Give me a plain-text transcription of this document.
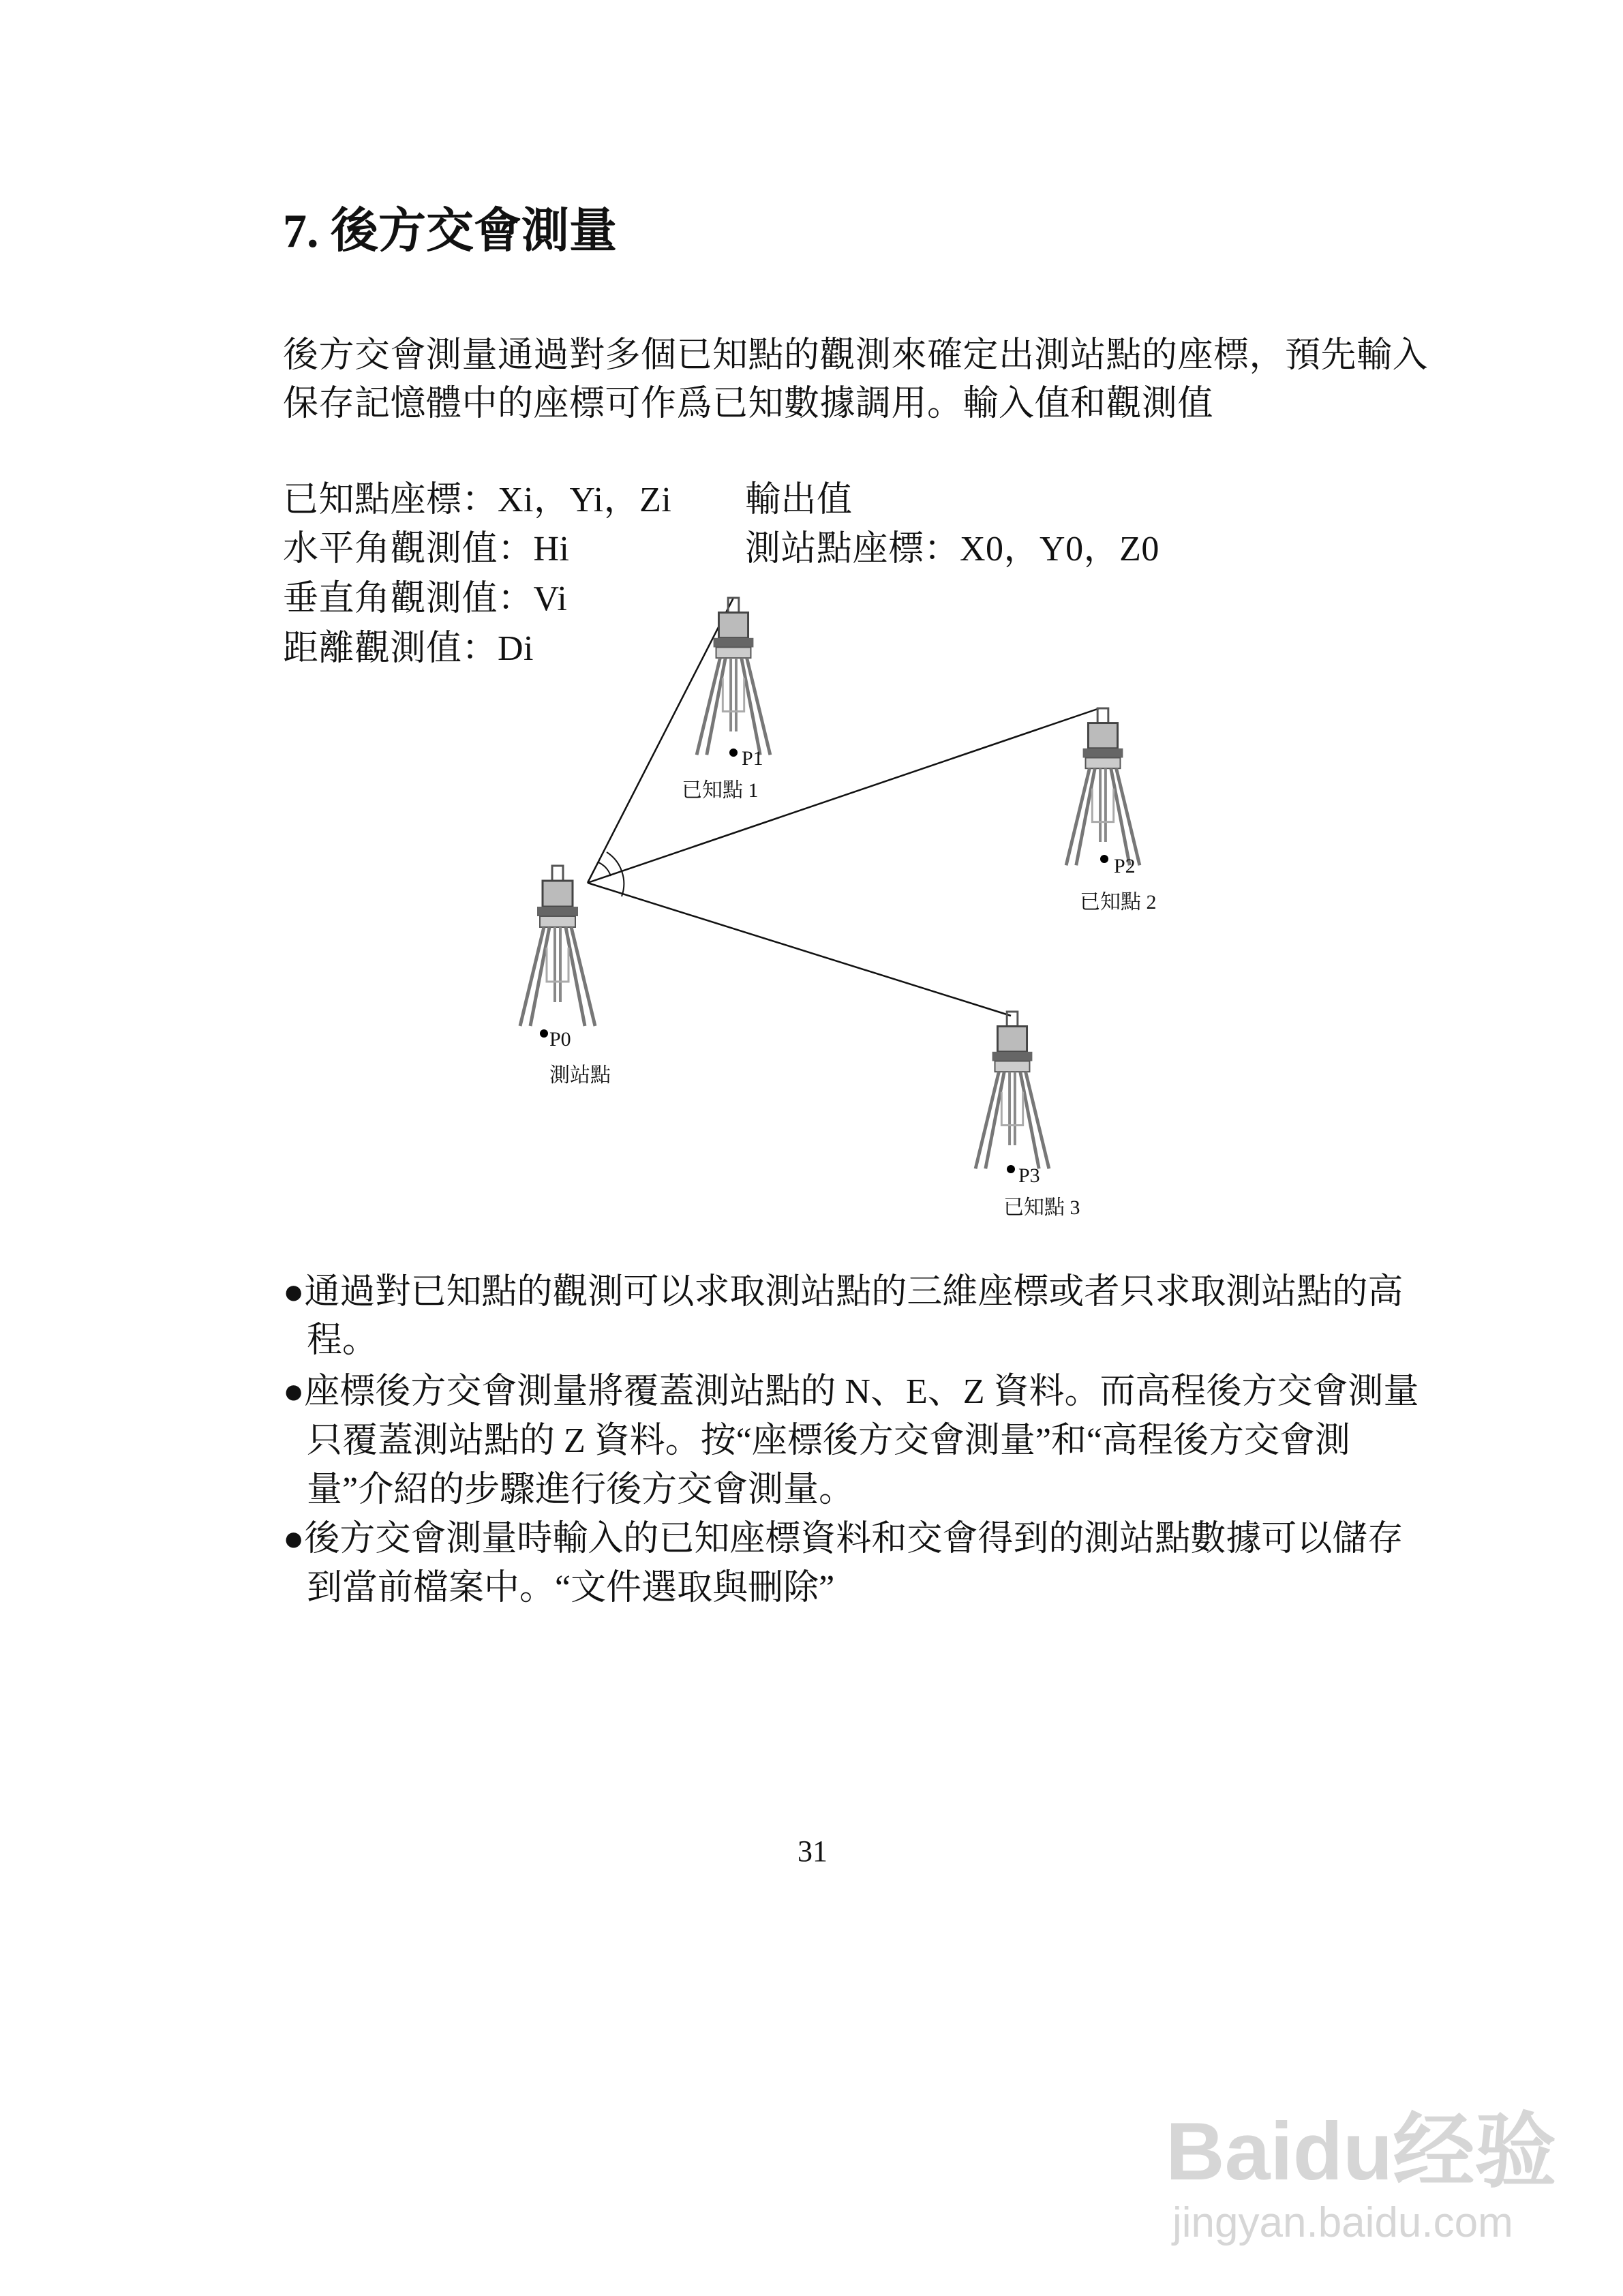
7. 後方交會測量
後方交會測量通過對多個已知點的觀測來確定出測站點的座標，預先輸入
保存記憶體中的座標可作爲已知數據調用。輸入值和觀測值
已知點座標：Xi，Yi，Zi
水平角觀測值：Hi
垂直角觀測值：Vi
距離觀測值：Di
輸出值
測站點座標：X0，Y0，Z0
P0
測站點
P1
已知點 1
P2
已知點 2
P3
已知點 3
●通過對已知點的觀測可以求取測站點的三維座標或者只求取測站點的高
程。
●座標後方交會測量將覆蓋測站點的 N、E、Z 資料。而高程後方交會測量
只覆蓋測站點的 Z 資料。按“座標後方交會測量”和“高程後方交會測
量”介紹的步驟進行後方交會測量。
●後方交會測量時輸入的已知座標資料和交會得到的測站點數據可以儲存
到當前檔案中。“文件選取與刪除”
31
Baidu经验
jingyan.baidu.com
